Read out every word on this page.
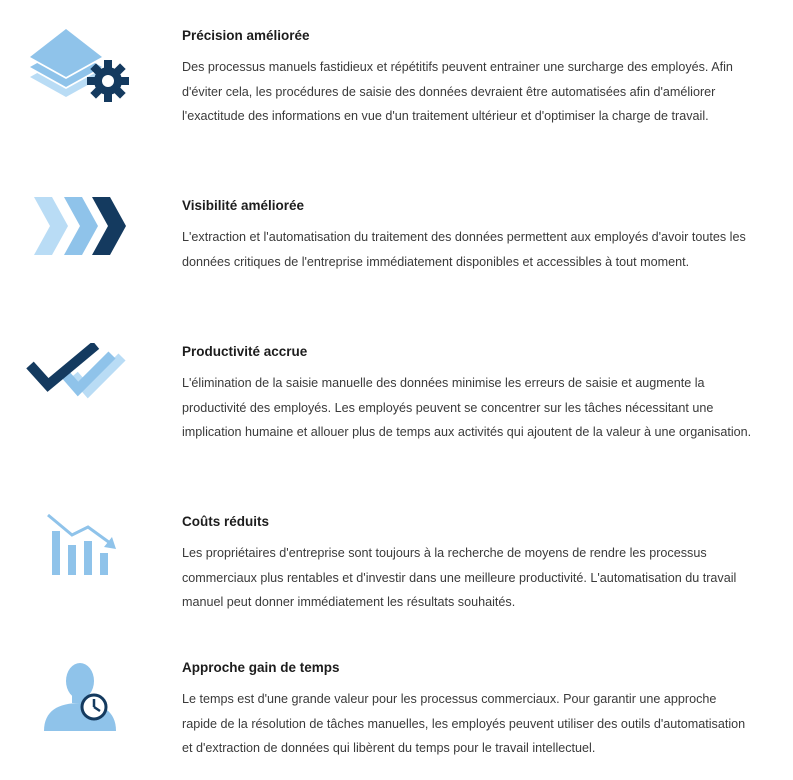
Précision améliorée

Des processus manuels fastidieux et répétitifs peuvent entrainer une surcharge des employés. Afin d'éviter cela, les procédures de saisie des données devraient être automatisées afin d'améliorer l'exactitude des informations en vue d'un traitement ultérieur et d'optimiser la charge de travail.

Visibilité améliorée

L'extraction et l'automatisation du traitement des données permettent aux employés d'avoir toutes les données critiques de l'entreprise immédiatement disponibles et accessibles à tout moment.

Productivité accrue

L'élimination de la saisie manuelle des données minimise les erreurs de saisie et augmente la productivité des employés. Les employés peuvent se concentrer sur les tâches nécessitant une implication humaine et allouer plus de temps aux activités qui ajoutent de la valeur à une organisation.

Coûts réduits

Les propriétaires d'entreprise sont toujours à la recherche de moyens de rendre les processus commerciaux plus rentables et d'investir dans une meilleure productivité. L'automatisation du travail manuel peut donner immédiatement les résultats souhaités.

Approche gain de temps

Le temps est d'une grande valeur pour les processus commerciaux. Pour garantir une approche rapide de la résolution de tâches manuelles, les employés peuvent utiliser des outils d'automatisation et d'extraction de données qui libèrent du temps pour le travail intellectuel.
